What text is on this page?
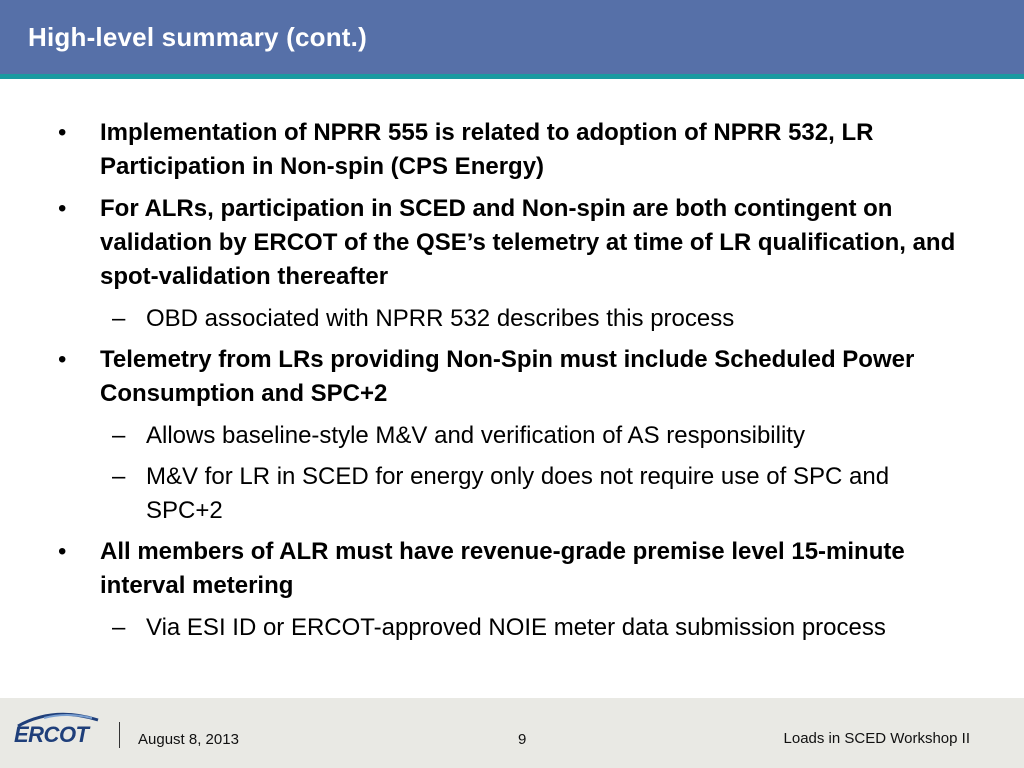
High-level summary (cont.)
• Implementation of NPRR 555 is related to adoption of NPRR 532, LR Participation in Non-spin (CPS Energy)
• For ALRs, participation in SCED and Non-spin are both contingent on validation by ERCOT of the QSE’s telemetry at time of LR qualification, and spot-validation thereafter
– OBD associated with NPRR 532 describes this process
• Telemetry from LRs providing Non-Spin must include Scheduled Power Consumption and SPC+2
– Allows baseline-style M&V and verification of AS responsibility
– M&V for LR in SCED for energy only does not require use of SPC and SPC+2
• All members of ALR must have revenue-grade premise level 15-minute interval metering
– Via ESI ID or ERCOT-approved NOIE meter data submission process
ERCOT	August 8, 2013	9	Loads in SCED Workshop II
